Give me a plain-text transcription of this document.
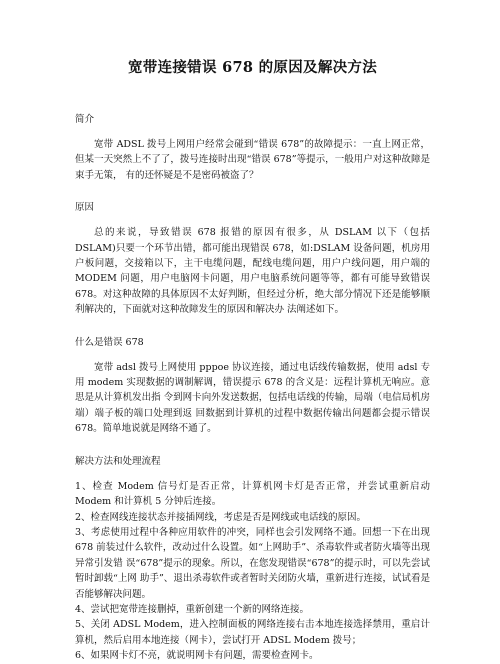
宽带连接错误 678 的原因及解决方法
简介

宽带 ADSL 拨号上网用户经常会碰到“错误 678”的故障提示：一直上网正常，但某一天突然上不了了，拨号连接时出现“错误 678”等提示，一般用户对这种故障是束手无策， 有的还怀疑是不是密码被盗了？

原因

总的来说，导致错误 678 报错的原因有很多，从 DSLAM 以下（包括 DSLAM)只要一个环节出错，都可能出现错误 678，如:DSLAM 设备问题，机房用户板问题，交接箱以下，主干电缆问题，配线电缆问题，用户户线问题，用户端的 MODEM 问题，用户电脑网卡问题，用户电脑系统问题等等，都有可能导致错误 678。对这种故障的具体原因不太好判断，但经过分析，绝大部分情况下还是能够顺利解决的，下面就对这种故障发生的原因和解决办 法阐述如下。

什么是错误 678

宽带 adsl 拨号上网使用 pppoe 协议连接，通过电话线传输数据，使用 adsl 专用 modem 实现数据的调制解调，错误提示 678 的含义是：远程计算机无响应。意思是从计算机发出指 令到网卡向外发送数据，包括电话线的传输，局端（电信局机房端）端子板的端口处理到返 回数据到计算机的过程中数据传输出问题都会提示错误 678。简单地说就是网络不通了。

解决方法和处理流程
1、检查 Modem 信号灯是否正常，计算机网卡灯是否正常，并尝试重新启动 Modem 和计算机 5 分钟后连接。
2、检查网线连接状态并接插网线，考虑是否是网线或电话线的原因。
3、考虑使用过程中各种应用软件的冲突，同样也会引发网络不通。回想一下在出现 678 前装过什么软件，改动过什么设置。如“上网助手”、杀毒软件或者防火墙等出现异常引发错 误“678”提示的现象。所以，在您发现错误“678”的提示时，可以先尝试暂时卸载“上网 助手”、退出杀毒软件或者暂时关闭防火墙，重新进行连接，试试看是否能够解决问题。
4、尝试把宽带连接删掉，重新创建一个新的网络连接。
5、关闭 ADSL Modem，进入控制面板的网络连接右击本地连接选择禁用，重启计算机，然后启用本地连接（网卡），尝试打开 ADSL Modem 拨号；
6、如果网卡灯不亮，就说明网卡有问题，需要检查网卡。
